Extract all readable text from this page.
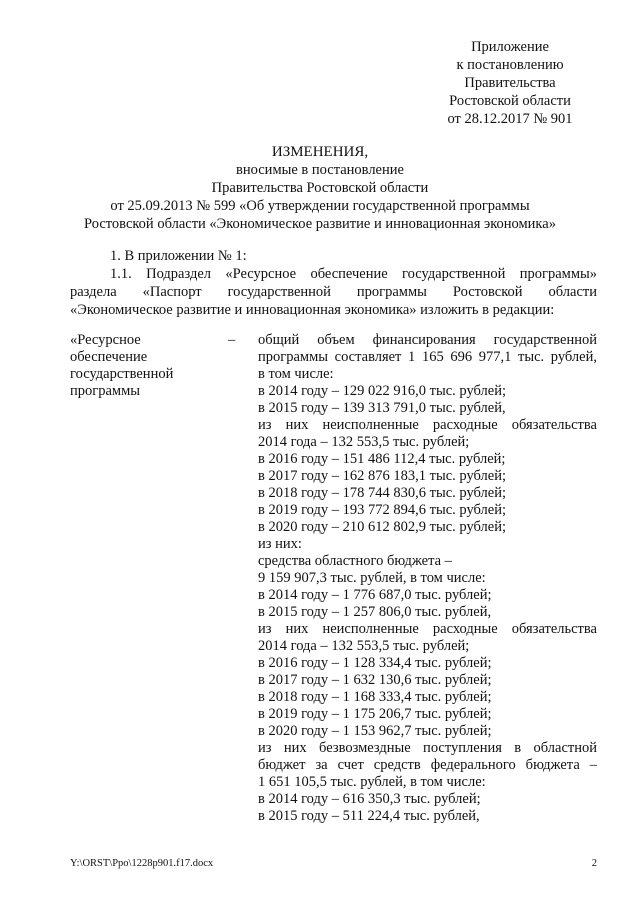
Приложение
к постановлению
Правительства
Ростовской области
от 28.12.2017 № 901
ИЗМЕНЕНИЯ,
вносимые в постановление
Правительства Ростовской области
от 25.09.2013 № 599 «Об утверждении государственной программы
Ростовской области «Экономическое развитие и инновационная экономика»
1. В приложении № 1:
1.1. Подраздел «Ресурсное обеспечение государственной программы»
раздела «Паспорт государственной программы Ростовской области
«Экономическое развитие и инновационная экономика» изложить в редакции:
«Ресурсное
обеспечение
государственной
программы
– общий объем финансирования государственной
программы составляет 1 165 696 977,1 тыс. рублей,
в том числе:
в 2014 году – 129 022 916,0 тыс. рублей;
в 2015 году – 139 313 791,0 тыс. рублей,
из них неисполненные расходные обязательства
2014 года – 132 553,5 тыс. рублей;
в 2016 году – 151 486 112,4 тыс. рублей;
в 2017 году – 162 876 183,1 тыс. рублей;
в 2018 году – 178 744 830,6 тыс. рублей;
в 2019 году – 193 772 894,6 тыс. рублей;
в 2020 году – 210 612 802,9 тыс. рублей;
из них:
средства областного бюджета –
9 159 907,3 тыс. рублей, в том числе:
в 2014 году – 1 776 687,0 тыс. рублей;
в 2015 году – 1 257 806,0 тыс. рублей,
из них неисполненные расходные обязательства
2014 года – 132 553,5 тыс. рублей;
в 2016 году – 1 128 334,4 тыс. рублей;
в 2017 году – 1 632 130,6 тыс. рублей;
в 2018 году – 1 168 333,4 тыс. рублей;
в 2019 году – 1 175 206,7 тыс. рублей;
в 2020 году – 1 153 962,7 тыс. рублей;
из них безвозмездные поступления в областной
бюджет за счет средств федерального бюджета –
1 651 105,5 тыс. рублей, в том числе:
в 2014 году – 616 350,3 тыс. рублей;
в 2015 году – 511 224,4 тыс. рублей,
Y:\ORST\Ppo\1228p901.f17.docx	2
